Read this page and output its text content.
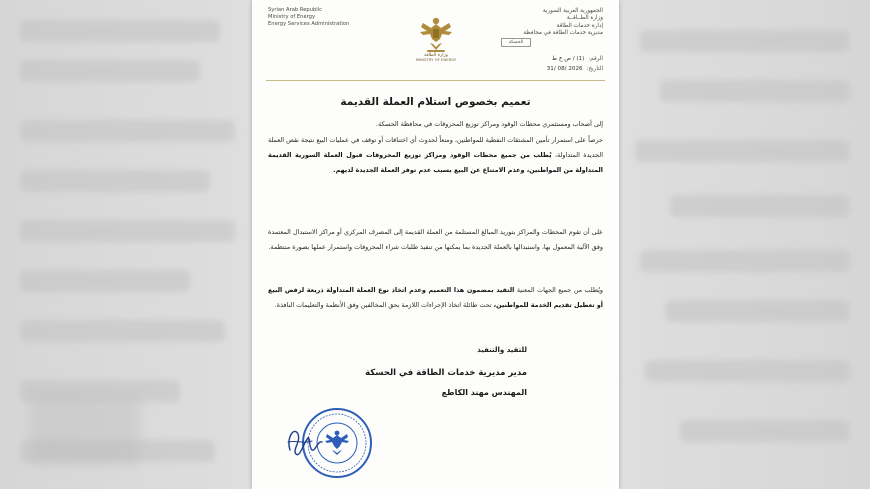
Syrian Arab Republic
Ministry of Energy
Energy Services Administration
وزارة الطاقة
MINISTRY OF ENERGY
الجمهورية العربية السورية
وزارة الطــاقــة
إدارة خدمات الطاقة
مديرية خدمات الطاقة في محافظة
الحسكة
الرقم:(1) / ص خ ط
التاريخ:2026 /08 /31
تعميم بخصوص استلام العملة القديمة
إلى أصحاب ومستثمري محطات الوقود ومراكز توزيع المحروقات في محافظة الحسكة.
حرصاً على استمرار تأمين المشتقات النفطية للمواطنين، ومنعاً لحدوث أي اختناقات أو توقف في عمليات البيع نتيجة نقص العملة الجديدة المتداولة، يُطلب من جميع محطات الوقود ومراكز توزيع المحروقات قبول العملة السورية القديمة المتداولة من المواطنين، وعدم الامتناع عن البيع بسبب عدم توفر العملة الجديدة لديهم.
على أن تقوم المحطات والمراكز بتوريد المبالغ المستلمة من العملة القديمة إلى المصرف المركزي أو مراكز الاستبدال المعتمدة وفق الآلية المعمول بها، واستبدالها بالعملة الجديدة بما يمكنها من تنفيذ طلبات شراء المحروقات واستمرار عملها بصورة منتظمة.
ويُطلب من جميع الجهات المعنية التقيد بمضمون هذا التعميم وعدم اتخاذ نوع العملة المتداولة ذريعة لرفض البيع أو تعطيل تقديم الخدمة للمواطنين، تحت طائلة اتخاذ الإجراءات اللازمة بحق المخالفين وفق الأنظمة والتعليمات النافذة.
للتقيد والتنفيذ
مدير مديرية خدمات الطاقة في الحسكة
المهندس مهند الكاطع
